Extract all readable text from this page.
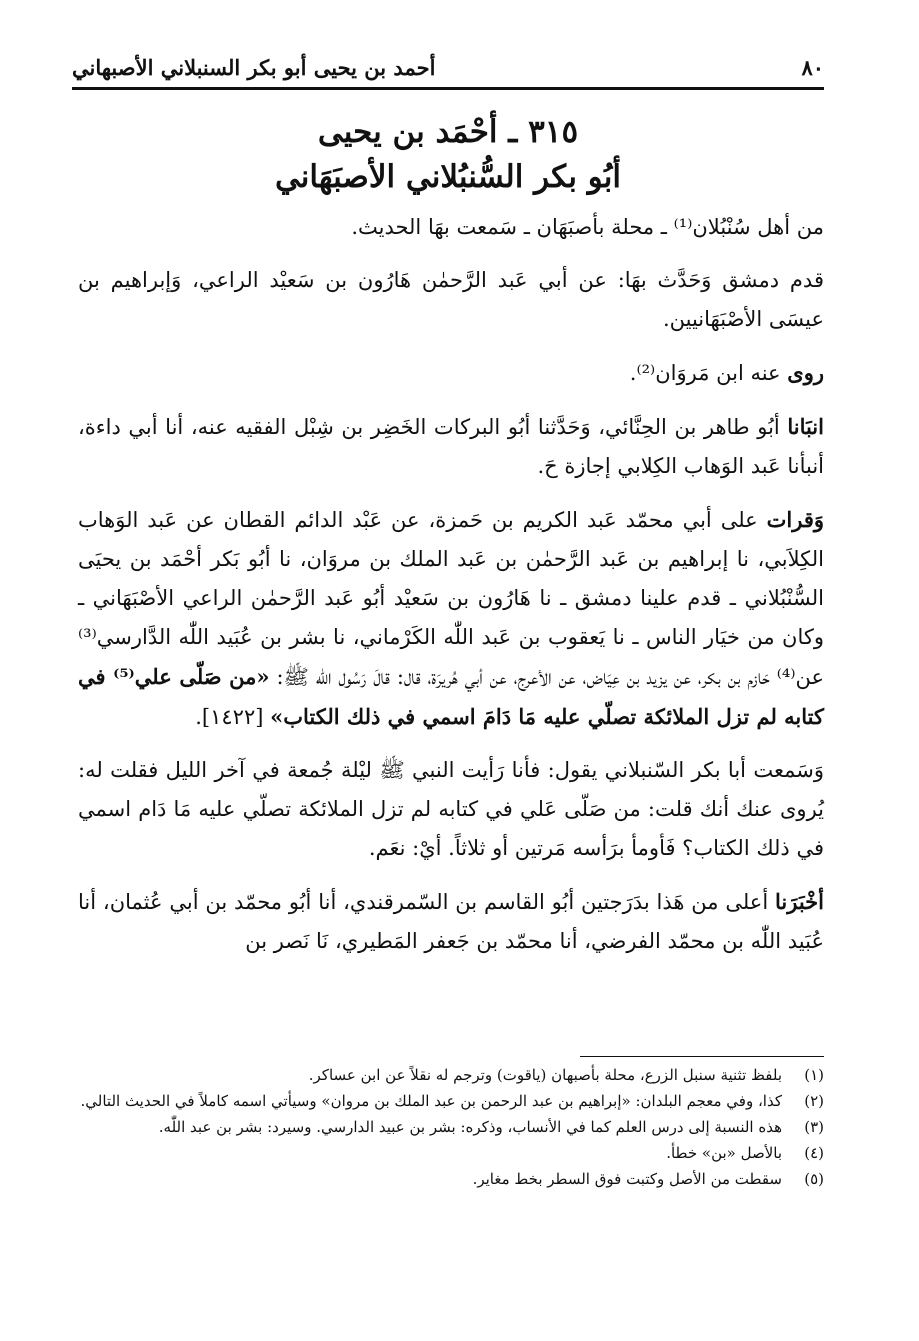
٨٠
أحمد بن يحيى أبو بكر السنبلاني الأصبهاني
٣١٥ ـ أحْمَد بن يحيى
أبُو بكر السُّنبُلاني الأصبَهَاني

من أهل سُنْبُلان⁽¹⁾ ـ محلة بأصبَهَان ـ سَمعت بهَا الحديث.

قدم دمشق وَحَدَّث بهَا: عن أبي عَبد الرَّحمٰن هَارُون بن سَعيْد الراعي، وَإبراهيم بن عيسَى الأصْبَهَانيين.

روى عنه ابن مَروَان⁽²⁾.

انبَانا أبُو طاهر بن الحِنَّائي، وَحَدَّثنا أبُو البركات الخَضِر بن شِبْل الفقيه عنه، أنا أبي داءة، أنبأنا عَبد الوَهاب الكِلابي إجازة حَ.

وَقرات على أبي محمّد عَبد الكريم بن حَمزة، عن عَبْد الدائم القطان عن عَبد الوَهاب الكِلاَبي، نا إبراهيم بن عَبد الرَّحمٰن بن عَبد الملك بن مروَان، نا أبُو بَكر أحْمَد بن يحيَى السُّنْبُلاني ـ قدم علينا دمشق ـ نا هَارُون بن سَعيْد أبُو عَبد الرَّحمٰن الراعي الأصْبَهَاني ـ وكان من خيَار الناس ـ نا يَعقوب بن عَبد اللّٰه الكَرْماني، نا بشر بن عُبَيد اللّٰه الدَّارسي⁽³⁾ عن⁽⁴⁾ حَازم بن بكر، عن يزيد بن عِيَاض، عن الأعرج، عن أبي هُريرَة، قال: قالَ رَسُول الله ﷺ: «من صَلّى علي⁽⁵⁾ في كتابه لم تزل الملائكة تصلّي عليه مَا دَامَ اسمي في ذلك الكتاب» [١٤٢٢].

وَسَمعت أبا بكر السّنبلاني يقول: فأنا رَأيت النبي ﷺ ليْلة جُمعة في آخر الليل فقلت له: يُروى عنك أنك قلت: من صَلّى عَلي في كتابه لم تزل الملائكة تصلّي عليه مَا دَام اسمي في ذلك الكتاب؟ فَأومأ برَأسه مَرتين أو ثلاثاً. أيْ: نعَم.

أخْبَرَنا أعلى من هَذا بدَرَجتين أبُو القاسم بن السّمرقندي، أنا أبُو محمّد بن أبي عُثمان، أنا عُبَيد اللّٰه بن محمّد الفرضي، أنا محمّد بن جَعفر المَطيري، نَا نَصر بن

(١)
بلفظ تثنية سنبل الزرع، محلة بأصبهان (ياقوت) وترجم له نقلاً عن ابن عساكر.
(٢)
كذا، وفي معجم البلدان: «إبراهيم بن عبد الرحمن بن عبد الملك بن مروان» وسيأتي اسمه كاملاً في الحديث التالي.
(٣)
هذه النسبة إلى درس العلم كما في الأنساب، وذكره: بشر بن عبيد الدارسي. وسيرد: بشر بن عبد اللّٰه.
(٤)
بالأصل «بن» خطأ.
(٥)
سقطت من الأصل وكتبت فوق السطر بخط مغاير.
